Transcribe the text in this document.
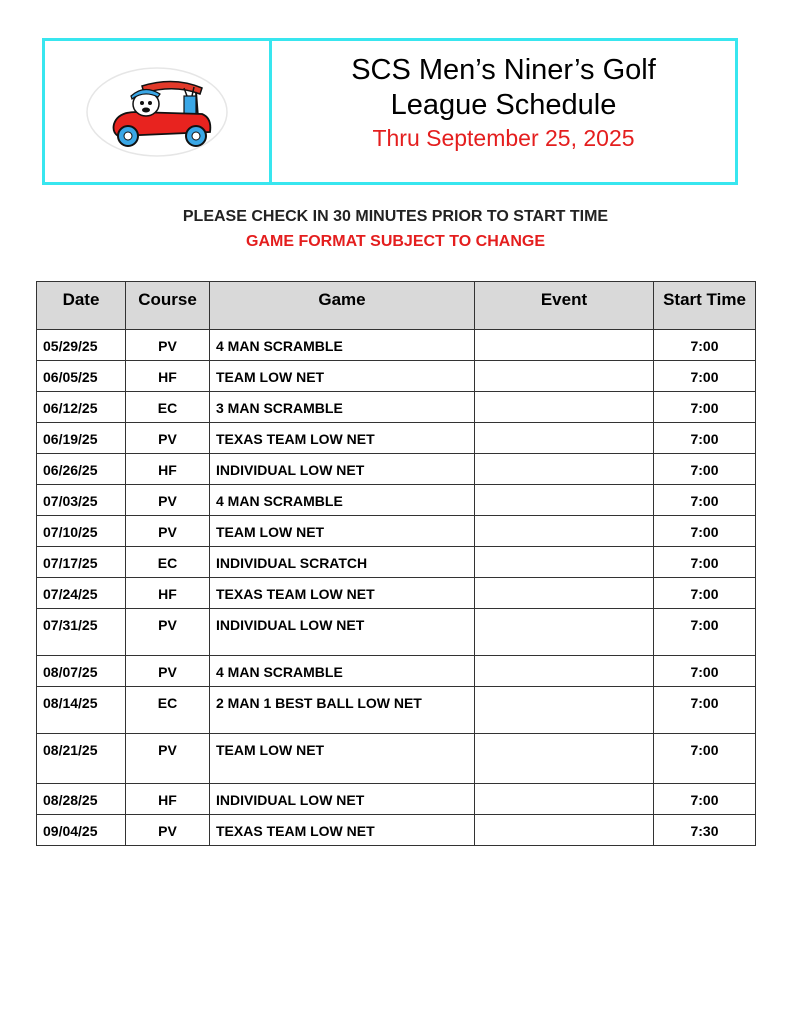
SCS Men’s Niner’s Golf
League Schedule
Thru September 25, 2025
PLEASE CHECK IN 30 MINUTES PRIOR TO START TIME
GAME FORMAT SUBJECT TO CHANGE
Date	Course	Game	Event	Start Time
05/29/25	PV	4 MAN SCRAMBLE		7:00
06/05/25	HF	TEAM LOW NET		7:00
06/12/25	EC	3 MAN SCRAMBLE		7:00
06/19/25	PV	TEXAS TEAM LOW NET		7:00
06/26/25	HF	INDIVIDUAL LOW NET		7:00
07/03/25	PV	4 MAN SCRAMBLE		7:00
07/10/25	PV	TEAM LOW NET		7:00
07/17/25	EC	INDIVIDUAL SCRATCH		7:00
07/24/25	HF	TEXAS TEAM LOW NET		7:00
07/31/25	PV	INDIVIDUAL LOW NET		7:00
08/07/25	PV	4 MAN SCRAMBLE		7:00
08/14/25	EC	2 MAN 1 BEST BALL LOW NET		7:00
08/21/25	PV	TEAM LOW NET		7:00
08/28/25	HF	INDIVIDUAL LOW NET		7:00
09/04/25	PV	TEXAS TEAM LOW NET		7:30
